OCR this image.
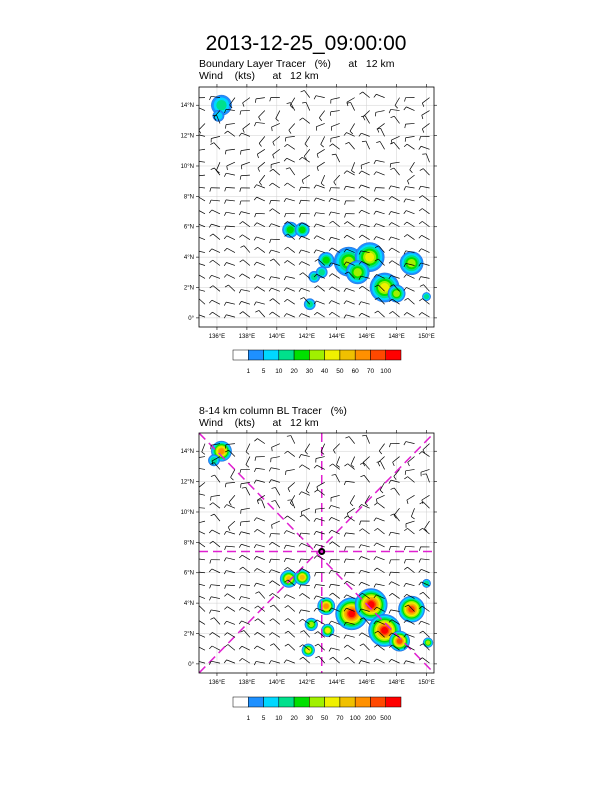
2013-12-25_09:00:00
Boundary Layer Tracer   (%)      at   12 km
Wind    (kts)      at   12 km
8-14 km column BL Tracer   (%)
Wind    (kts)      at   12 km
136°E 138°E 140°E 142°E 144°E 146°E 148°E 150°E
0°
2°N
4°N
6°N
8°N
10°N
12°N
14°N
1 5 10 20 30 40 50 60 70 100
136°E 138°E 140°E 142°E 144°E 146°E 148°E 150°E
0°
2°N
4°N
6°N
8°N
10°N
12°N
14°N
1 5 10 20 30 50 70 100 200 500
